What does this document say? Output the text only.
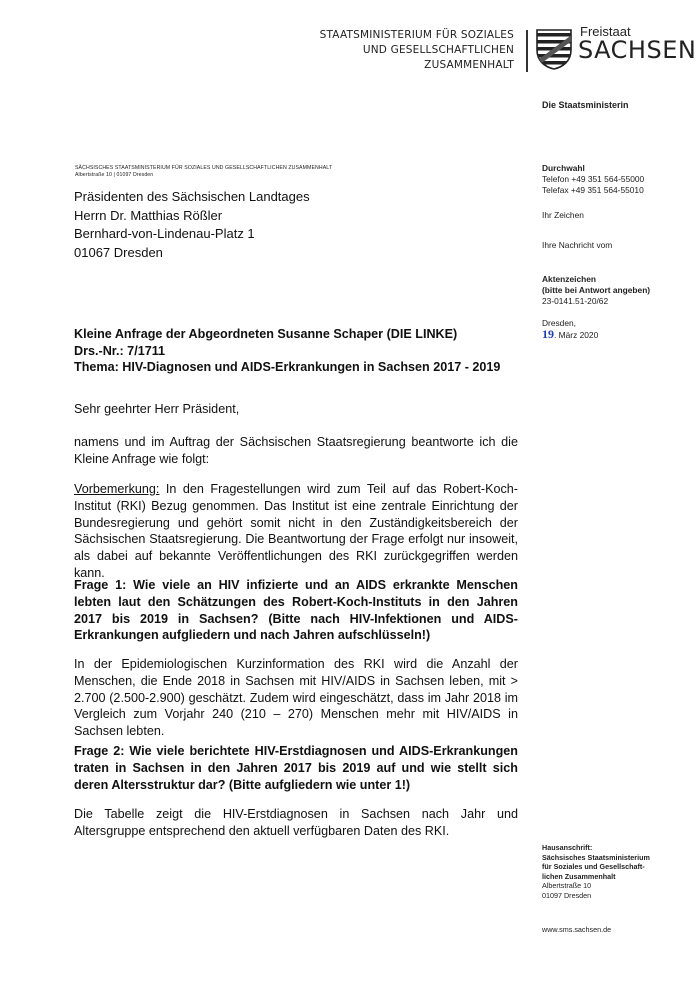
STAATSMINISTERIUM FÜR SOZIALES
UND GESELLSCHAFTLICHEN
ZUSAMMENHALT
Freistaat
SACHSEN
Die Staatsministerin
SÄCHSISCHES STAATSMINISTERIUM FÜR SOZIALES UND GESELLSCHAFTLICHEN ZUSAMMENHALT
Albertstraße 10 | 01097 Dresden
Präsidenten des Sächsischen Landtages
Herrn Dr. Matthias Rößler
Bernhard-von-Lindenau-Platz 1
01067 Dresden
Durchwahl
Telefon +49 351 564-55000
Telefax +49 351 564-55010
Ihr Zeichen
Ihre Nachricht vom
Aktenzeichen
(bitte bei Antwort angeben)
23-0141.51-20/62
Dresden,
19. März 2020
Kleine Anfrage der Abgeordneten Susanne Schaper (DIE LINKE)
Drs.-Nr.: 7/1711
Thema: HIV-Diagnosen und AIDS-Erkrankungen in Sachsen 2017 - 2019
Sehr geehrter Herr Präsident,
namens und im Auftrag der Sächsischen Staatsregierung beantworte ich die Kleine Anfrage wie folgt:
Vorbemerkung: In den Fragestellungen wird zum Teil auf das Robert-Koch-Institut (RKI) Bezug genommen. Das Institut ist eine zentrale Einrichtung der Bundesregierung und gehört somit nicht in den Zuständigkeitsbereich der Sächsischen Staatsregierung. Die Beantwortung der Frage erfolgt nur insoweit, als dabei auf bekannte Veröffentlichungen des RKI zurückgegriffen werden kann.
Frage 1: Wie viele an HIV infizierte und an AIDS erkrankte Menschen lebten laut den Schätzungen des Robert-Koch-Instituts in den Jahren 2017 bis 2019 in Sachsen? (Bitte nach HIV-Infektionen und AIDS-Erkrankungen aufgliedern und nach Jahren aufschlüsseln!)
In der Epidemiologischen Kurzinformation des RKI wird die Anzahl der Menschen, die Ende 2018 in Sachsen mit HIV/AIDS in Sachsen leben, mit > 2.700 (2.500-2.900) geschätzt. Zudem wird eingeschätzt, dass im Jahr 2018 im Vergleich zum Vorjahr 240 (210 – 270) Menschen mehr mit HIV/AIDS in Sachsen lebten.
Frage 2: Wie viele berichtete HIV-Erstdiagnosen und AIDS-Erkrankungen traten in Sachsen in den Jahren 2017 bis 2019 auf und wie stellt sich deren Altersstruktur dar? (Bitte aufgliedern wie unter 1!)
Die Tabelle zeigt die HIV-Erstdiagnosen in Sachsen nach Jahr und Altersgruppe entsprechend den aktuell verfügbaren Daten des RKI.
Hausanschrift:
Sächsisches Staatsministerium
für Soziales und Gesellschaft-
lichen Zusammenhalt
Albertstraße 10
01097 Dresden
www.sms.sachsen.de
